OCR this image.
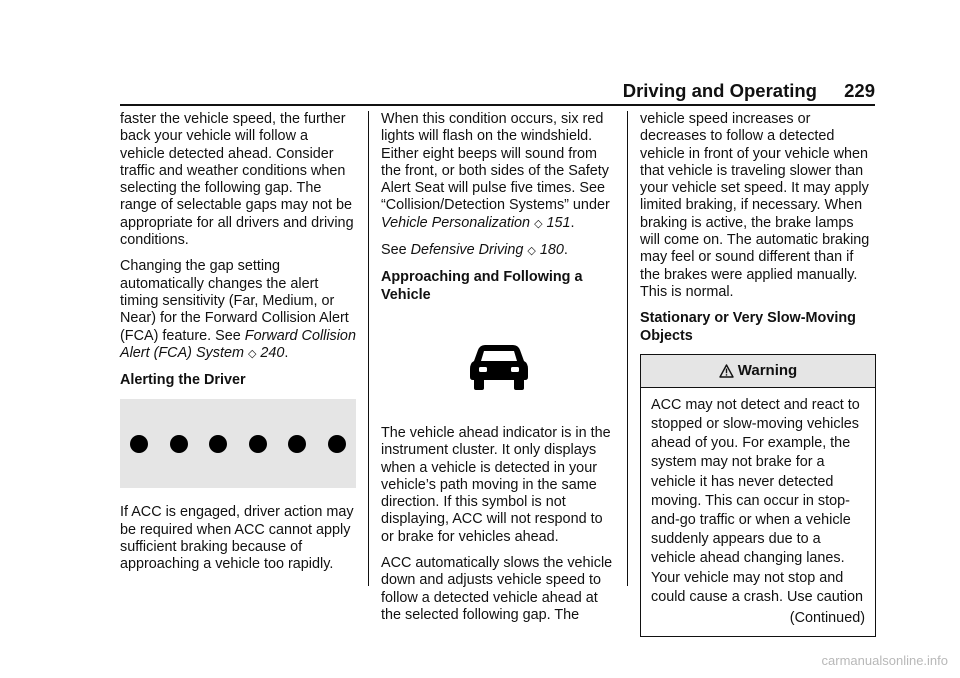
Driving and Operating 229

faster the vehicle speed, the further back your vehicle will follow a vehicle detected ahead. Consider traffic and weather conditions when selecting the following gap. The range of selectable gaps may not be appropriate for all drivers and driving conditions.

Changing the gap setting automatically changes the alert timing sensitivity (Far, Medium, or Near) for the Forward Collision Alert (FCA) feature. See Forward Collision Alert (FCA) System ◇ 240.

Alerting the Driver

If ACC is engaged, driver action may be required when ACC cannot apply sufficient braking because of approaching a vehicle too rapidly.

When this condition occurs, six red lights will flash on the windshield. Either eight beeps will sound from the front, or both sides of the Safety Alert Seat will pulse five times. See “Collision/Detection Systems” under Vehicle Personalization ◇ 151.

See Defensive Driving ◇ 180.

Approaching and Following a Vehicle

The vehicle ahead indicator is in the instrument cluster. It only displays when a vehicle is detected in your vehicle’s path moving in the same direction. If this symbol is not displaying, ACC will not respond to or brake for vehicles ahead.

ACC automatically slows the vehicle down and adjusts vehicle speed to follow a detected vehicle ahead at the selected following gap. The

vehicle speed increases or decreases to follow a detected vehicle in front of your vehicle when that vehicle is traveling slower than your vehicle set speed. It may apply limited braking, if necessary. When braking is active, the brake lamps will come on. The automatic braking may feel or sound different than if the brakes were applied manually. This is normal.

Stationary or Very Slow-Moving Objects

Warning
ACC may not detect and react to stopped or slow-moving vehicles ahead of you. For example, the system may not brake for a vehicle it has never detected moving. This can occur in stop-and-go traffic or when a vehicle suddenly appears due to a vehicle ahead changing lanes. Your vehicle may not stop and could cause a crash. Use caution
(Continued)
carmanualsonline.info
